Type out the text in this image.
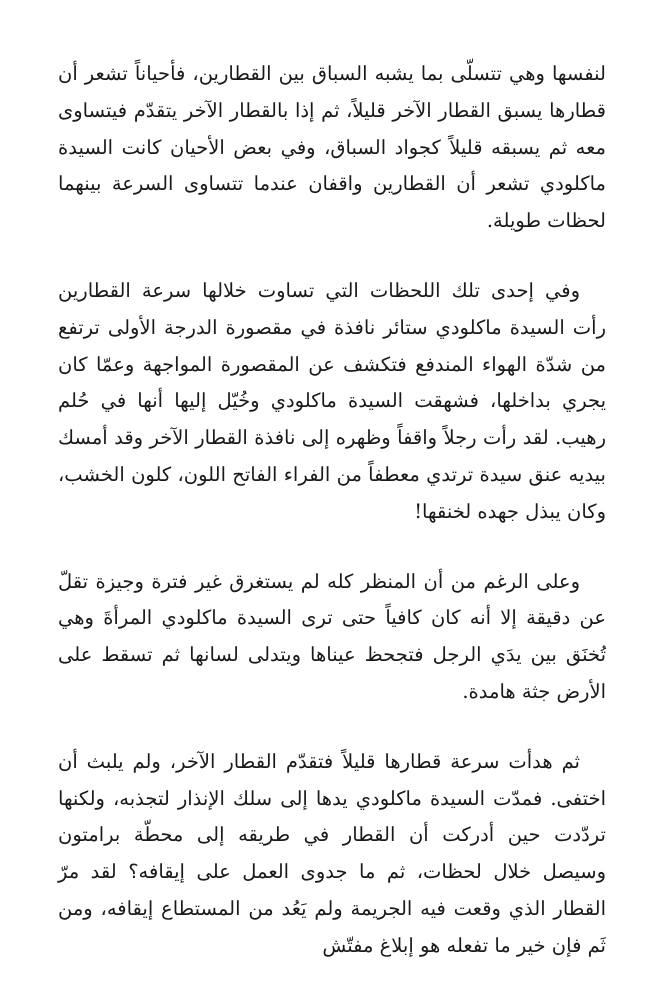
لنفسها وهي تتسلّى بما يشبه السباق بين القطارين، فأحياناً تشعر أن قطارها يسبق القطار الآخر قليلاً، ثم إذا بالقطار الآخر يتقدّم فيتساوى معه ثم يسبقه قليلاً كجواد السباق، وفي بعض الأحيان كانت السيدة ماكلودي تشعر أن القطارين واقفان عندما تتساوى السرعة بينهما لحظات طويلة.

وفي إحدى تلك اللحظات التي تساوت خلالها سرعة القطارين رأت السيدة ماكلودي ستائر نافذة في مقصورة الدرجة الأولى ترتفع من شدّة الهواء المندفع فتكشف عن المقصورة المواجهة وعمّا كان يجري بداخلها، فشهقت السيدة ماكلودي وخُيّل إليها أنها في حُلم رهيب. لقد رأت رجلاً واقفاً وظهره إلى نافذة القطار الآخر وقد أمسك بيديه عنق سيدة ترتدي معطفاً من الفراء الفاتح اللون، كلون الخشب، وكان يبذل جهده لخنقها!

وعلى الرغم من أن المنظر كله لم يستغرق غير فترة وجيزة تقلّ عن دقيقة إلا أنه كان كافياً حتى ترى السيدة ماكلودي المرأةَ وهي تُخنَق بين يدَي الرجل فتجحظ عيناها ويتدلى لسانها ثم تسقط على الأرض جثة هامدة.

ثم هدأت سرعة قطارها قليلاً فتقدّم القطار الآخر، ولم يلبث أن اختفى. فمدّت السيدة ماكلودي يدها إلى سلك الإنذار لتجذبه، ولكنها تردّدت حين أدركت أن القطار في طريقه إلى محطّة برامتون وسيصل خلال لحظات، ثم ما جدوى العمل على إيقافه؟ لقد مرّ القطار الذي وقعت فيه الجريمة ولم يَعُد من المستطاع إيقافه، ومن ثَم فإن خير ما تفعله هو إبلاغ مفتّش
